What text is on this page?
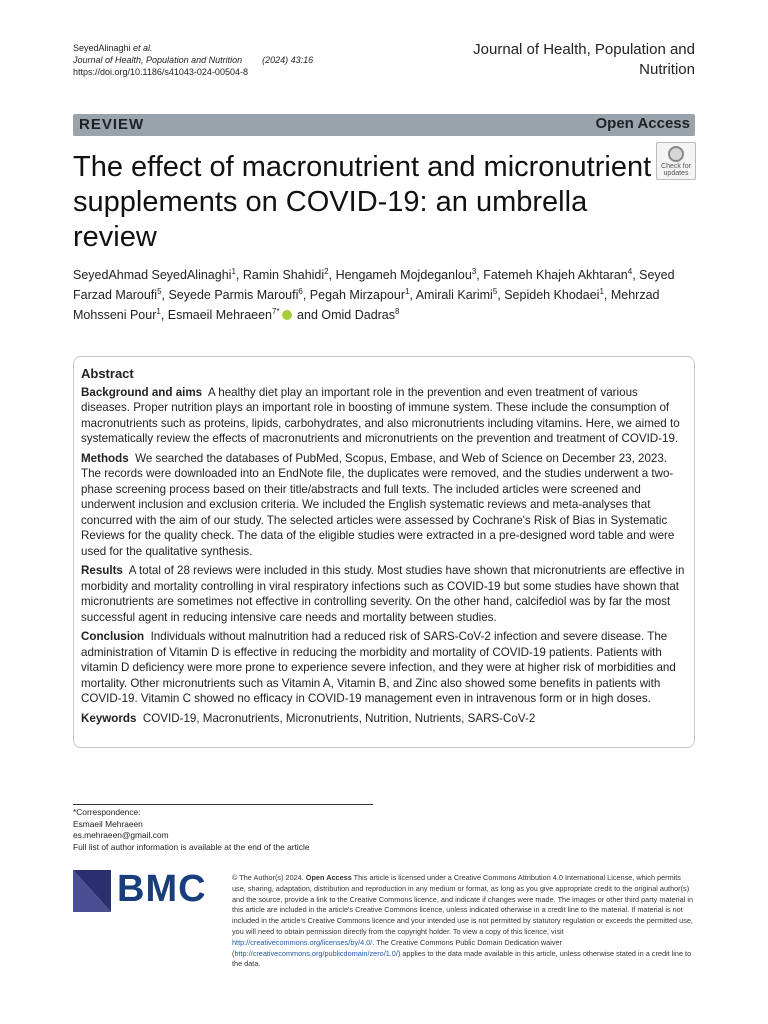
SeyedAlinaghi et al.
Journal of Health, Population and Nutrition (2024) 43:16
https://doi.org/10.1186/s41043-024-00504-8
Journal of Health, Population and Nutrition
REVIEW	Open Access
The effect of macronutrient and micronutrient supplements on COVID-19: an umbrella review
Check for updates
SeyedAhmad SeyedAlinaghi$^1$, Ramin Shahidi$^2$, Hengameh Mojdeganlou$^3$, Fatemeh Khajeh Akhtaran$^4$, Seyed Farzad Maroufi$^5$, Seyede Parmis Maroufi$^6$, Pegah Mirzapour$^1$, Amirali Karimi$^5$, Sepideh Khodaei$^1$, Mehrzad Mohsseni Pour$^1$, Esmaeil Mehraeen$^{7*}$ and Omid Dadras$^8$
Abstract

Background and aims A healthy diet play an important role in the prevention and even treatment of various diseases. Proper nutrition plays an important role in boosting of immune system. These include the consumption of macronutrients such as proteins, lipids, carbohydrates, and also micronutrients including vitamins. Here, we aimed to systematically review the effects of macronutrients and micronutrients on the prevention and treatment of COVID-19.

Methods We searched the databases of PubMed, Scopus, Embase, and Web of Science on December 23, 2023. The records were downloaded into an EndNote file, the duplicates were removed, and the studies underwent a two-phase screening process based on their title/abstracts and full texts. The included articles were screened and underwent inclusion and exclusion criteria. We included the English systematic reviews and meta-analyses that concurred with the aim of our study. The selected articles were assessed by Cochrane's Risk of Bias in Systematic Reviews for the quality check. The data of the eligible studies were extracted in a pre-designed word table and were used for the qualitative synthesis.

Results A total of 28 reviews were included in this study. Most studies have shown that micronutrients are effective in morbidity and mortality controlling in viral respiratory infections such as COVID-19 but some studies have shown that micronutrients are sometimes not effective in controlling severity. On the other hand, calcifediol was by far the most successful agent in reducing intensive care needs and mortality between studies.

Conclusion Individuals without malnutrition had a reduced risk of SARS-CoV-2 infection and severe disease. The administration of Vitamin D is effective in reducing the morbidity and mortality of COVID-19 patients. Patients with vitamin D deficiency were more prone to experience severe infection, and they were at higher risk of morbidities and mortality. Other micronutrients such as Vitamin A, Vitamin B, and Zinc also showed some benefits in patients with COVID-19. Vitamin C showed no efficacy in COVID-19 management even in intravenous form or in high doses.

Keywords COVID-19, Macronutrients, Micronutrients, Nutrition, Nutrients, SARS-CoV-2

*Correspondence:
Esmaeil Mehraeen
es.mehraeen@gmail.com
Full list of author information is available at the end of the article
BMC	© The Author(s) 2024. Open Access This article is licensed under a Creative Commons Attribution 4.0 International License, which permits use, sharing, adaptation, distribution and reproduction in any medium or format, as long as you give appropriate credit to the original author(s) and the source, provide a link to the Creative Commons licence, and indicate if changes were made. The images or other third party material in this article are included in the article's Creative Commons licence, unless indicated otherwise in a credit line to the material. If material is not included in the article's Creative Commons licence and your intended use is not permitted by statutory regulation or exceeds the permitted use, you will need to obtain permission directly from the copyright holder. To view a copy of this licence, visit http://creativecommons.org/licenses/by/4.0/. The Creative Commons Public Domain Dedication waiver (http://creativecommons.org/publicdomain/zero/1.0/) applies to the data made available in this article, unless otherwise stated in a credit line to the data.
